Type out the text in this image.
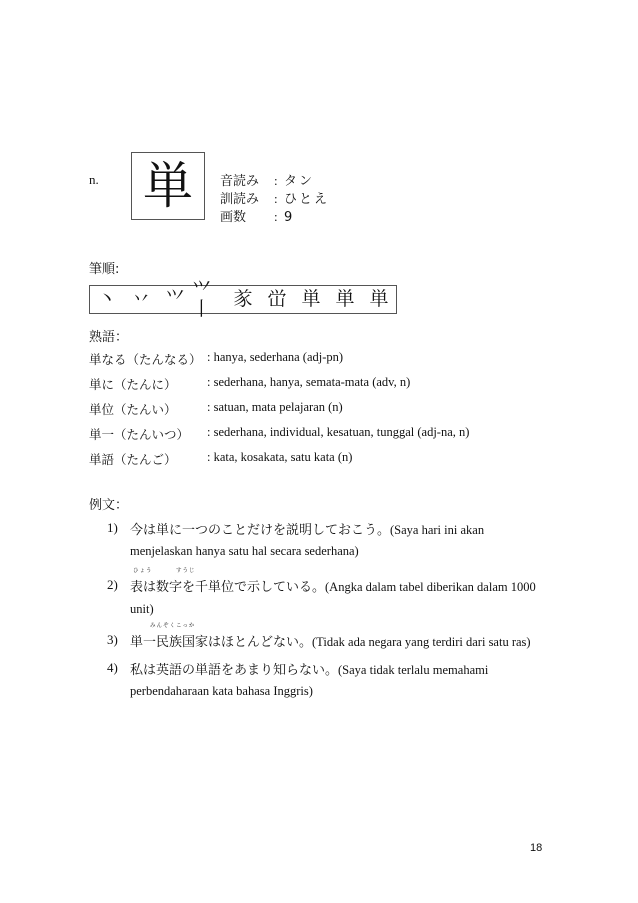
n. 単 音読み : タン
訓読み : ひとえ
画数 : 9
筆順:
丶 丷 ⺍ ⺍丨	㒸 峃 単 単 単
熟語：
単なる（たんなる） : hanya, sederhana (adj-pn)
単に（たんに） : sederhana, hanya, semata-mata (adv, n)
単位（たんい） : satuan, mata pelajaran (n)
単一（たんいつ） : sederhana, individual, kesatuan, tunggal (adj-na, n)
単語（たんご） : kata, kosakata, satu kata (n)
例文：
1) 今は単に一つのことだけを説明しておこう。(Saya hari ini akan
menjelaskan hanya satu hal secara sederhana)
ひょう	すうじ
2) 表は数字を千単位で示している。(Angka dalam tabel diberikan dalam 1000
unit)
みんぞくこっか
3) 単一民族国家はほとんどない。(Tidak ada negara yang terdiri dari satu ras)
4) 私は英語の単語をあまり知らない。(Saya tidak terlalu memahami
perbendaharaan kata bahasa Inggris)
18
